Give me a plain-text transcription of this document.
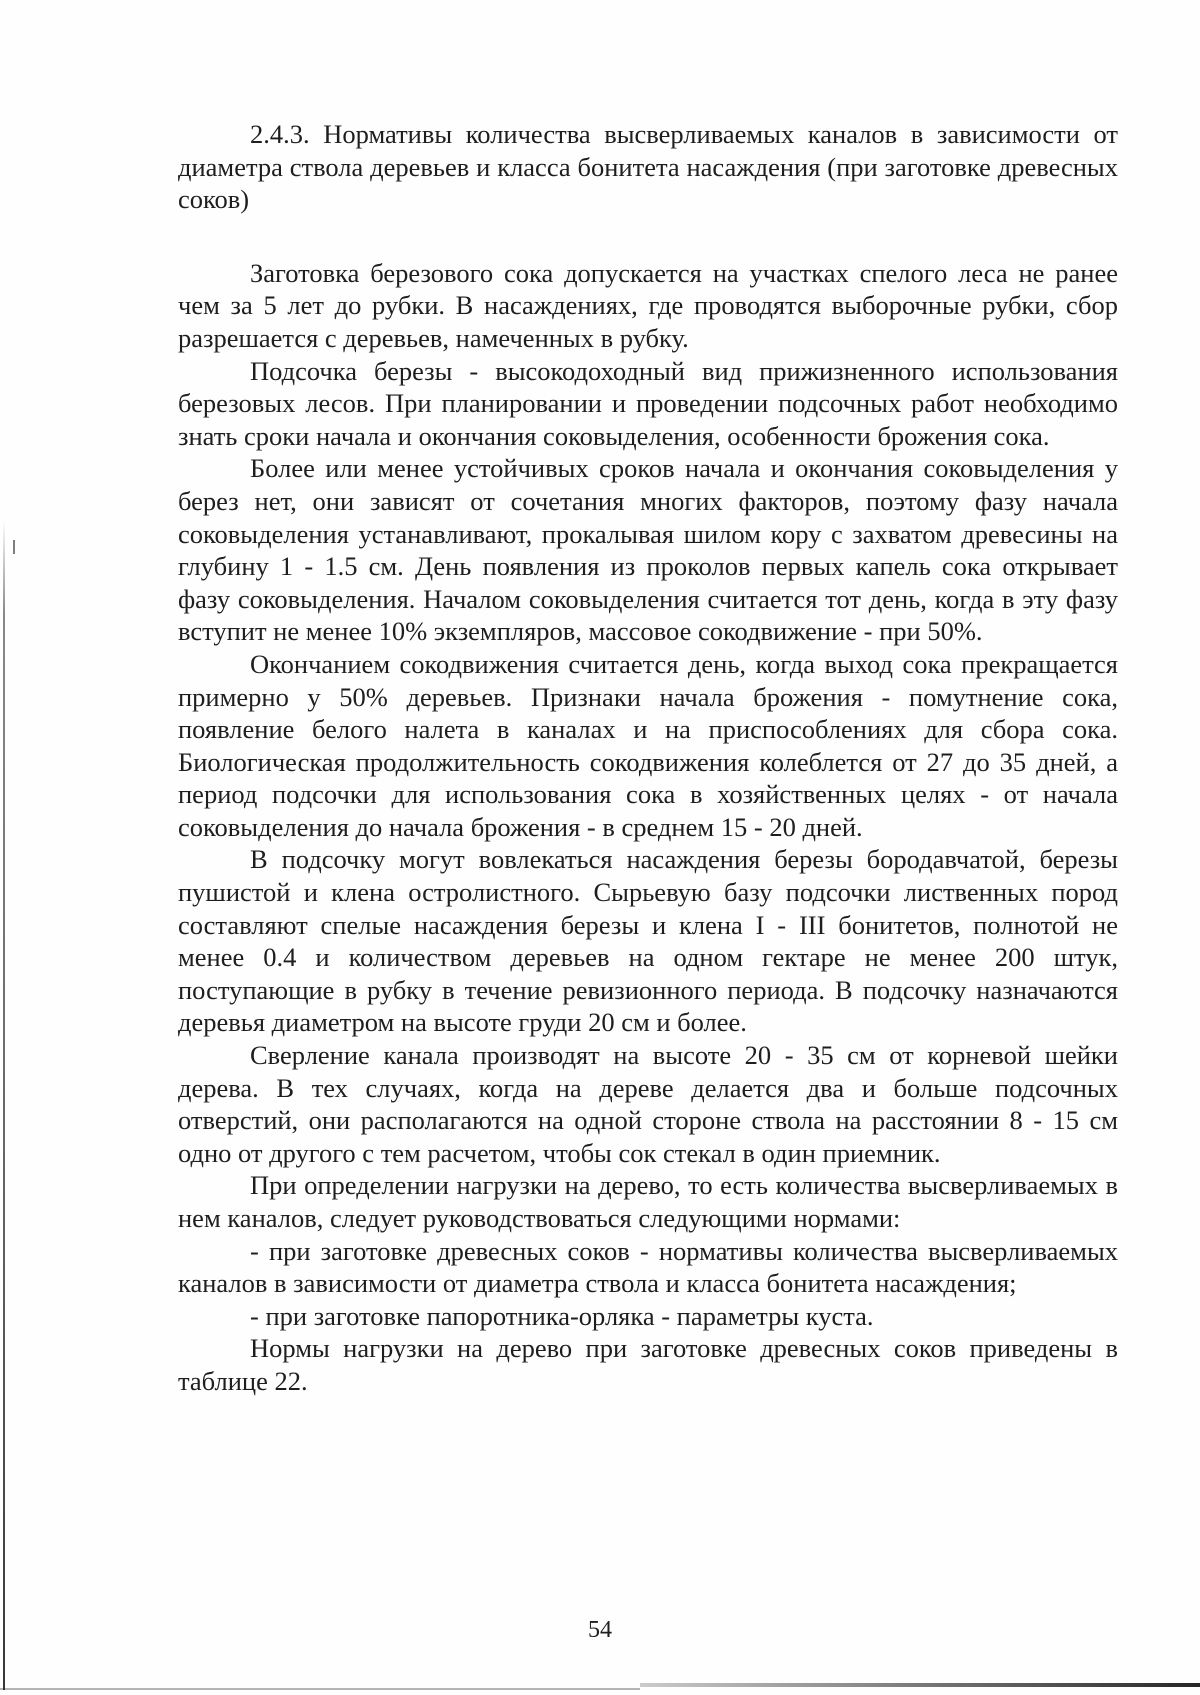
2.4.3. Нормативы количества высверливаемых каналов в зависимости от диаметра ствола деревьев и класса бонитета насаждения (при заготовке древесных соков)

Заготовка березового сока допускается на участках спелого леса не ранее чем за 5 лет до рубки. В насаждениях, где проводятся выборочные рубки, сбор разрешается с деревьев, намеченных в рубку.

Подсочка березы - высокодоходный вид прижизненного использования березовых лесов. При планировании и проведении подсочных работ необходимо знать сроки начала и окончания соковыделения, особенности брожения сока.

Более или менее устойчивых сроков начала и окончания соковыделения у берез нет, они зависят от сочетания многих факторов, поэтому фазу начала соковыделения устанавливают, прокалывая шилом кору с захватом древесины на глубину 1 - 1.5 см. День появления из проколов первых капель сока открывает фазу соковыделения. Началом соковыделения считается тот день, когда в эту фазу вступит не менее 10% экземпляров, массовое сокодвижение - при 50%.

Окончанием сокодвижения считается день, когда выход сока прекращается примерно у 50% деревьев. Признаки начала брожения - помутнение сока, появление белого налета в каналах и на приспособлениях для сбора сока. Биологическая продолжительность сокодвижения колеблется от 27 до 35 дней, а период подсочки для использования сока в хозяйственных целях - от начала соковыделения до начала брожения - в среднем 15 - 20 дней.

В подсочку могут вовлекаться насаждения березы бородавчатой, березы пушистой и клена остролистного. Сырьевую базу подсочки лиственных пород составляют спелые насаждения березы и клена I - III бонитетов, полнотой не менее 0.4 и количеством деревьев на одном гектаре не менее 200 штук, поступающие в рубку в течение ревизионного периода. В подсочку назначаются деревья диаметром на высоте груди 20 см и более.

Сверление канала производят на высоте 20 - 35 см от корневой шейки дерева. В тех случаях, когда на дереве делается два и больше подсочных отверстий, они располагаются на одной стороне ствола на расстоянии 8 - 15 см одно от другого с тем расчетом, чтобы сок стекал в один приемник.

При определении нагрузки на дерево, то есть количества высверливаемых в нем каналов, следует руководствоваться следующими нормами:

- при заготовке древесных соков - нормативы количества высверливаемых каналов в зависимости от диаметра ствола и класса бонитета насаждения;

- при заготовке папоротника-орляка - параметры куста.

Нормы нагрузки на дерево при заготовке древесных соков приведены в таблице 22.

54
